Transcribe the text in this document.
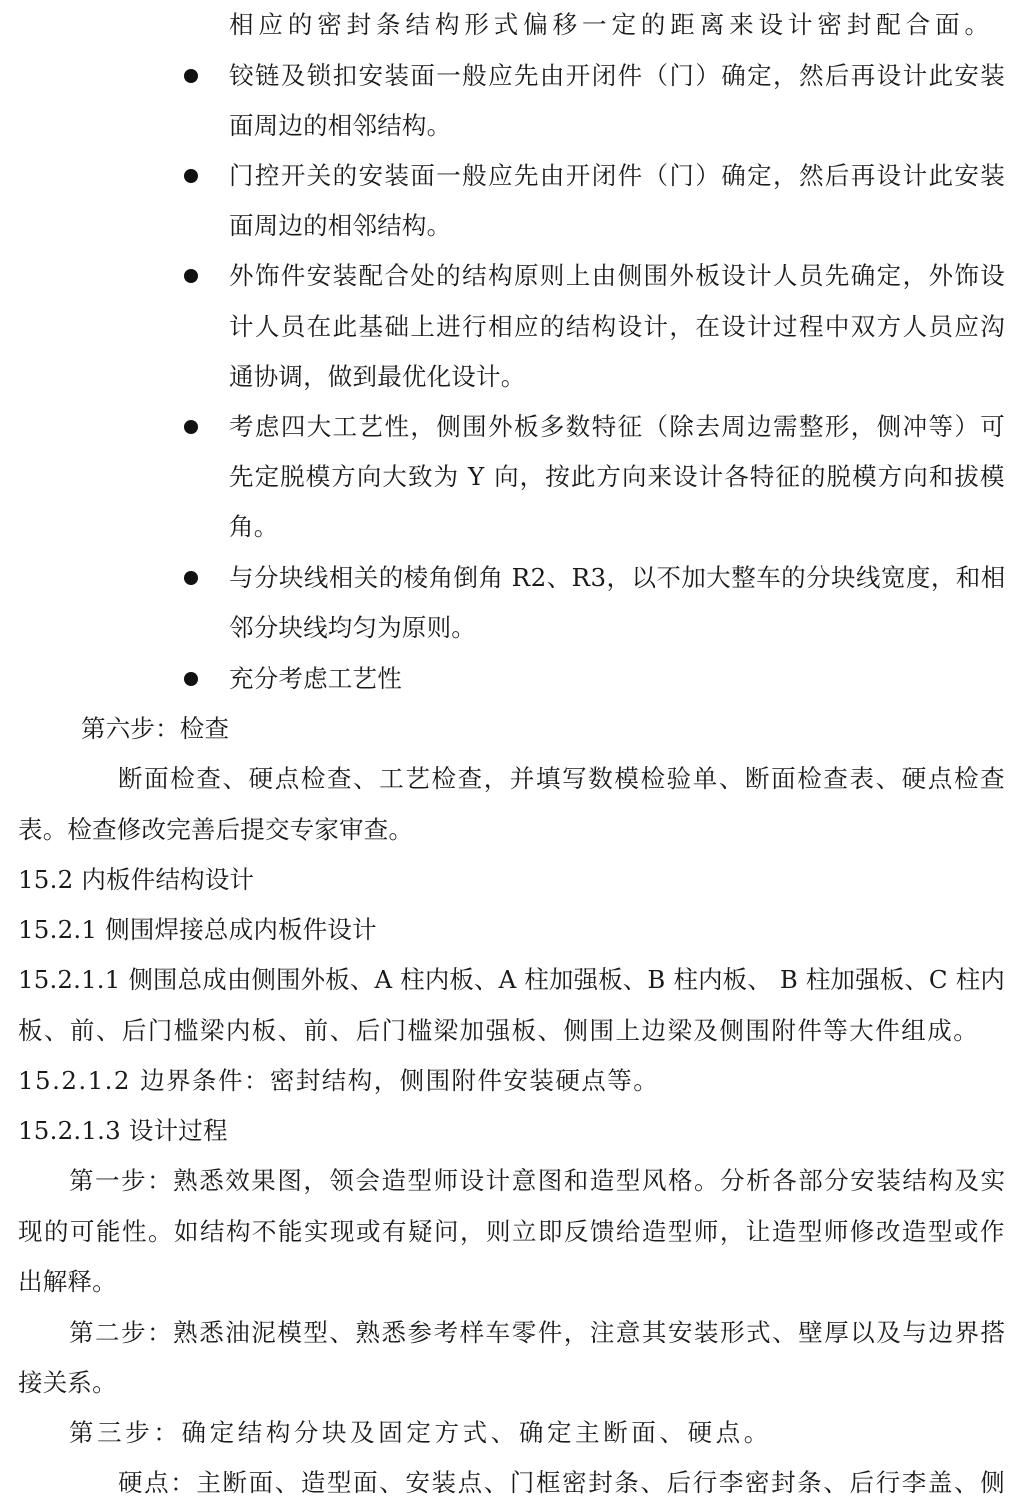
相应的密封条结构形式偏移一定的距离来设计密封配合面。
铰链及锁扣安装面一般应先由开闭件（门）确定，然后再设计此安装
面周边的相邻结构。
门控开关的安装面一般应先由开闭件（门）确定，然后再设计此安装
面周边的相邻结构。
外饰件安装配合处的结构原则上由侧围外板设计人员先确定，外饰设
计人员在此基础上进行相应的结构设计，在设计过程中双方人员应沟
通协调，做到最优化设计。
考虑四大工艺性，侧围外板多数特征（除去周边需整形，侧冲等）可
先定脱模方向大致为 Y 向，按此方向来设计各特征的脱模方向和拔模
角。
与分块线相关的棱角倒角 R2、R3，以不加大整车的分块线宽度，和相
邻分块线均匀为原则。
充分考虑工艺性
第六步：检查
断面检查、硬点检查、工艺检查，并填写数模检验单、断面检查表、硬点检查
表。检查修改完善后提交专家审查。
15.2 内板件结构设计
15.2.1 侧围焊接总成内板件设计
15.2.1.1 侧围总成由侧围外板、A 柱内板、A 柱加强板、B 柱内板、 B 柱加强板、C 柱内
板、前、后门槛梁内板、前、后门槛梁加强板、侧围上边梁及侧围附件等大件组成。
15.2.1.2 边界条件：密封结构，侧围附件安装硬点等。
15.2.1.3 设计过程
第一步：熟悉效果图，领会造型师设计意图和造型风格。分析各部分安装结构及实
现的可能性。如结构不能实现或有疑问，则立即反馈给造型师，让造型师修改造型或作
出解释。
第二步：熟悉油泥模型、熟悉参考样车零件，注意其安装形式、壁厚以及与边界搭
接关系。
第三步：确定结构分块及固定方式、确定主断面、硬点。
硬点：主断面、造型面、安装点、门框密封条、后行李密封条、后行李盖、侧
